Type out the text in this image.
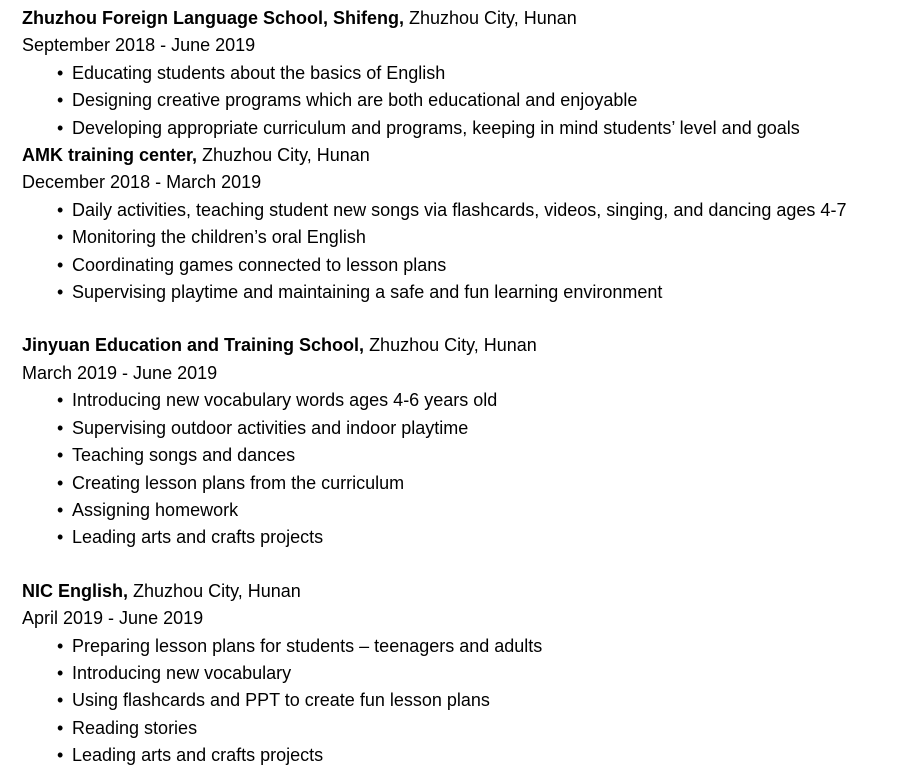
Zhuzhou Foreign Language School, Shifeng, Zhuzhou City, Hunan
September 2018 - June 2019
• Educating students about the basics of English
• Designing creative programs which are both educational and enjoyable
• Developing appropriate curriculum and programs, keeping in mind students’ level and goals
AMK training center, Zhuzhou City, Hunan
December 2018 - March 2019
• Daily activities, teaching student new songs via flashcards, videos, singing, and dancing ages 4-7
• Monitoring the children’s oral English
• Coordinating games connected to lesson plans
• Supervising playtime and maintaining a safe and fun learning environment
Jinyuan Education and Training School, Zhuzhou City, Hunan
March 2019 - June 2019
• Introducing new vocabulary words ages 4-6 years old
• Supervising outdoor activities and indoor playtime
• Teaching songs and dances
• Creating lesson plans from the curriculum
• Assigning homework
• Leading arts and crafts projects
NIC English, Zhuzhou City, Hunan
April 2019 - June 2019
• Preparing lesson plans for students – teenagers and adults
• Introducing new vocabulary
• Using flashcards and PPT to create fun lesson plans
• Reading stories
• Leading arts and crafts projects
